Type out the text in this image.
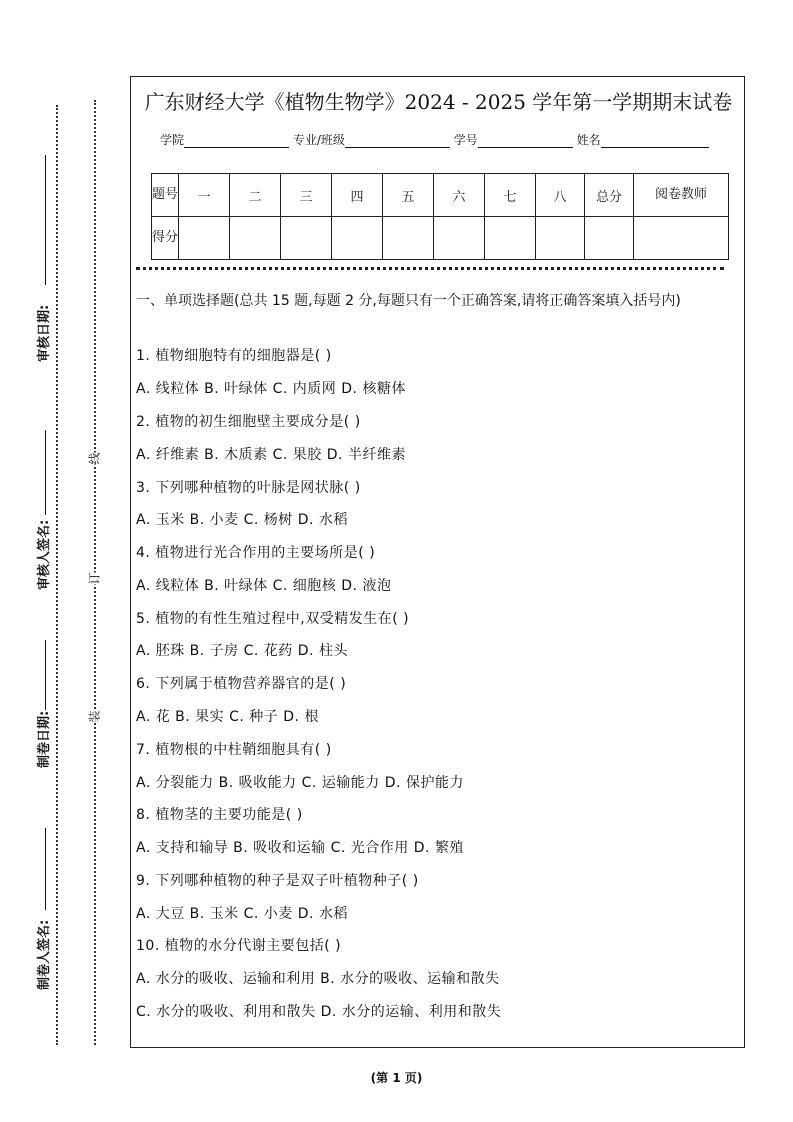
审核日期:
审核人签名:
制卷日期:
制卷人签名:
线
订
装
广东财经大学《植物生物学》2024 - 2025 学年第一学期期末试卷
学院	专业/班级	学号	姓名
题号	一	二	三	四	五	六	七	八	总分	阅卷教师
得分										
一、单项选择题(总共 15 题,每题 2 分,每题只有一个正确答案,请将正确答案填入括号内)
1. 植物细胞特有的细胞器是( )
A. 线粒体 B. 叶绿体 C. 内质网 D. 核糖体
2. 植物的初生细胞壁主要成分是( )
A. 纤维素 B. 木质素 C. 果胶 D. 半纤维素
3. 下列哪种植物的叶脉是网状脉( )
A. 玉米 B. 小麦 C. 杨树 D. 水稻
4. 植物进行光合作用的主要场所是( )
A. 线粒体 B. 叶绿体 C. 细胞核 D. 液泡
5. 植物的有性生殖过程中,双受精发生在( )
A. 胚珠 B. 子房 C. 花药 D. 柱头
6. 下列属于植物营养器官的是( )
A. 花 B. 果实 C. 种子 D. 根
7. 植物根的中柱鞘细胞具有( )
A. 分裂能力 B. 吸收能力 C. 运输能力 D. 保护能力
8. 植物茎的主要功能是( )
A. 支持和输导 B. 吸收和运输 C. 光合作用 D. 繁殖
9. 下列哪种植物的种子是双子叶植物种子( )
A. 大豆 B. 玉米 C. 小麦 D. 水稻
10. 植物的水分代谢主要包括( )
A. 水分的吸收、运输和利用 B. 水分的吸收、运输和散失
C. 水分的吸收、利用和散失 D. 水分的运输、利用和散失
(第 1 页)
